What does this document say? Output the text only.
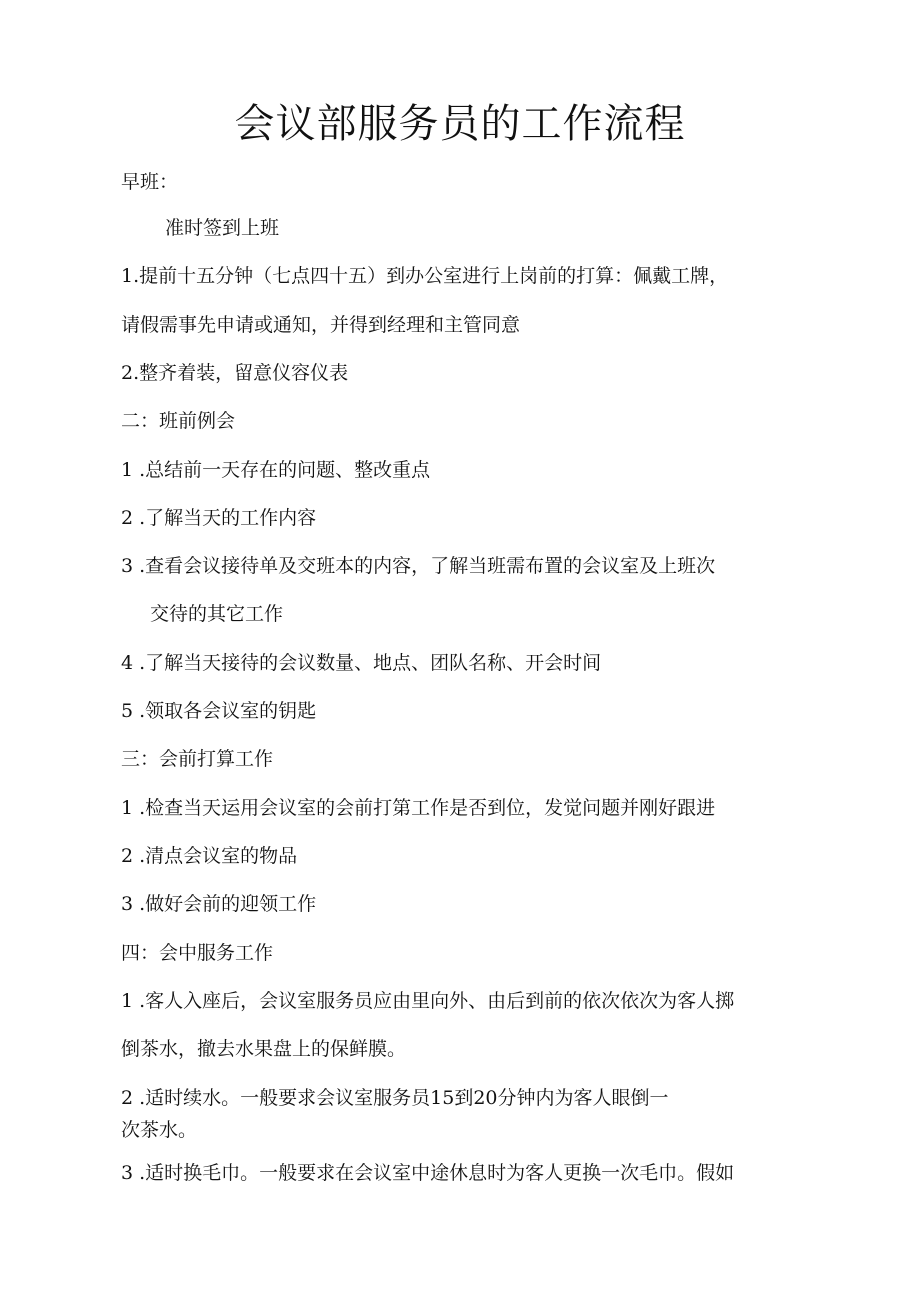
会议部服务员的工作流程
早班：
准时签到上班
1.提前十五分钟（七点四十五）到办公室进行上岗前的打算：佩戴工牌，
请假需事先申请或通知，并得到经理和主管同意
2.整齐着装，留意仪容仪表
二：班前例会
1 .总结前一天存在的问题、整改重点
2 .了解当天的工作内容
3 .查看会议接待单及交班本的内容，了解当班需布置的会议室及上班次
交待的其它工作
4 .了解当天接待的会议数量、地点、团队名称、开会时间
5 .领取各会议室的钥匙
三：会前打算工作
1 .检查当天运用会议室的会前打第工作是否到位，发觉问题并刚好跟进
2 .清点会议室的物品
3 .做好会前的迎领工作
四：会中服务工作
1 .客人入座后，会议室服务员应由里向外、由后到前的依次依次为客人掷
倒茶水，撤去水果盘上的保鲜膜。
2 .适时续水。一般要求会议室服务员15到20分钟内为客人眼倒一
次茶水。
3 .适时换毛巾。一般要求在会议室中途休息时为客人更换一次毛巾。假如
